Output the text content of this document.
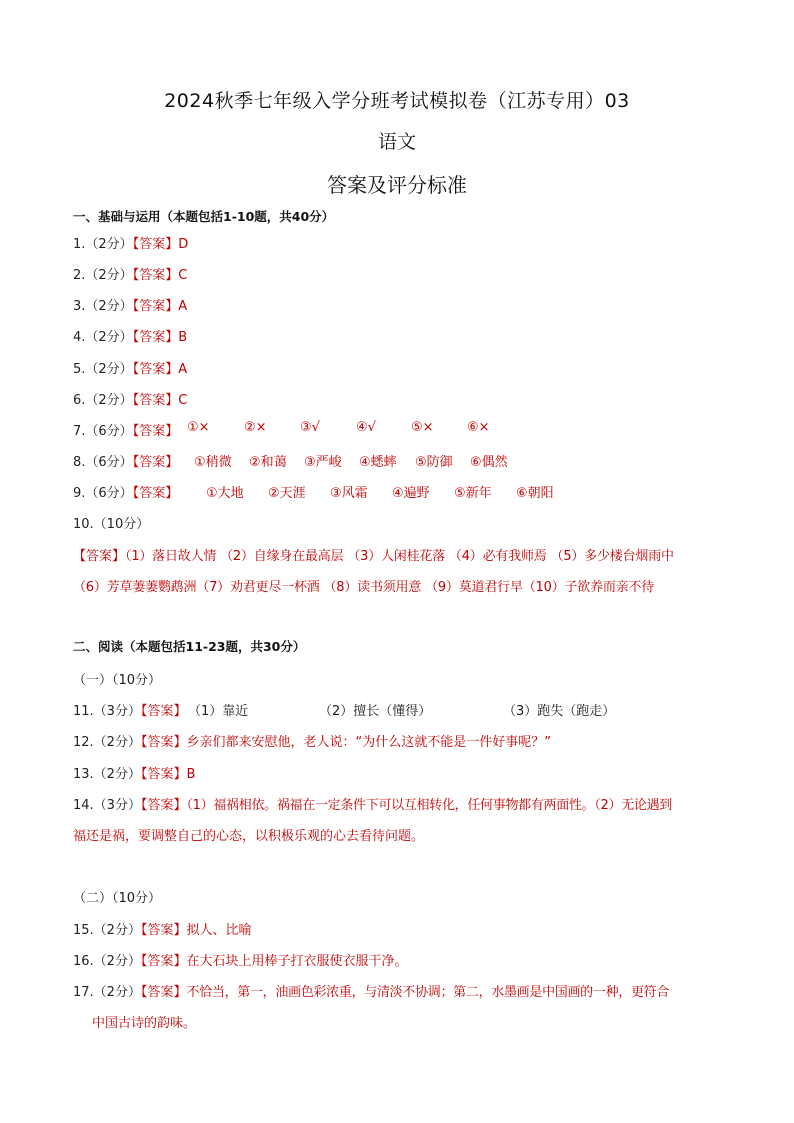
2024秋季七年级入学分班考试模拟卷（江苏专用）03
语文
答案及评分标准
一、基础与运用（本题包括1-10题，共40分）
1.（2分）【答案】D
2.（2分）【答案】C
3.（2分）【答案】A
4.（2分）【答案】B
5.（2分）【答案】A
6.（2分）【答案】C
7.（6分）【答案】 ①×	②×	③√	④√	⑤×	⑥×
8.（6分）【答案】 ①稍微 ②和蔼 ③严峻 ④蟋蟀 ⑤防御 ⑥偶然
9.（6分）【答案】 ①大地 ②天涯 ③风霜 ④遍野 ⑤新年 ⑥朝阳
10.（10分）
【答案】（1）落日故人情 （2）自缘身在最高层 （3）人闲桂花落 （4）必有我师焉 （5）多少楼台烟雨中
（6）芳草萋萋鹦鹉洲（7）劝君更尽一杯酒 （8）读书须用意 （9）莫道君行早（10）子欲养而亲不待
二、阅读（本题包括11-23题，共30分）
（一）（10分）
11.（3分）【答案】 （1）靠近	（2）擅长（懂得）	（3）跑失（跑走）
12.（2分）【答案】乡亲们都来安慰他，老人说：“为什么这就不能是一件好事呢？”
13.（2分）【答案】B
14.（3分）【答案】（1）福祸相依。祸福在一定条件下可以互相转化，任何事物都有两面性。（2）无论遇到
福还是祸，要调整自己的心态，以积极乐观的心去看待问题。
（二）（10分）
15.（2分）【答案】拟人、比喻
16.（2分）【答案】在大石块上用棒子打衣服使衣服干净。
17.（2分）【答案】不恰当，第一，油画色彩浓重，与清淡不协调；第二，水墨画是中国画的一种，更符合
中国古诗的韵味。
